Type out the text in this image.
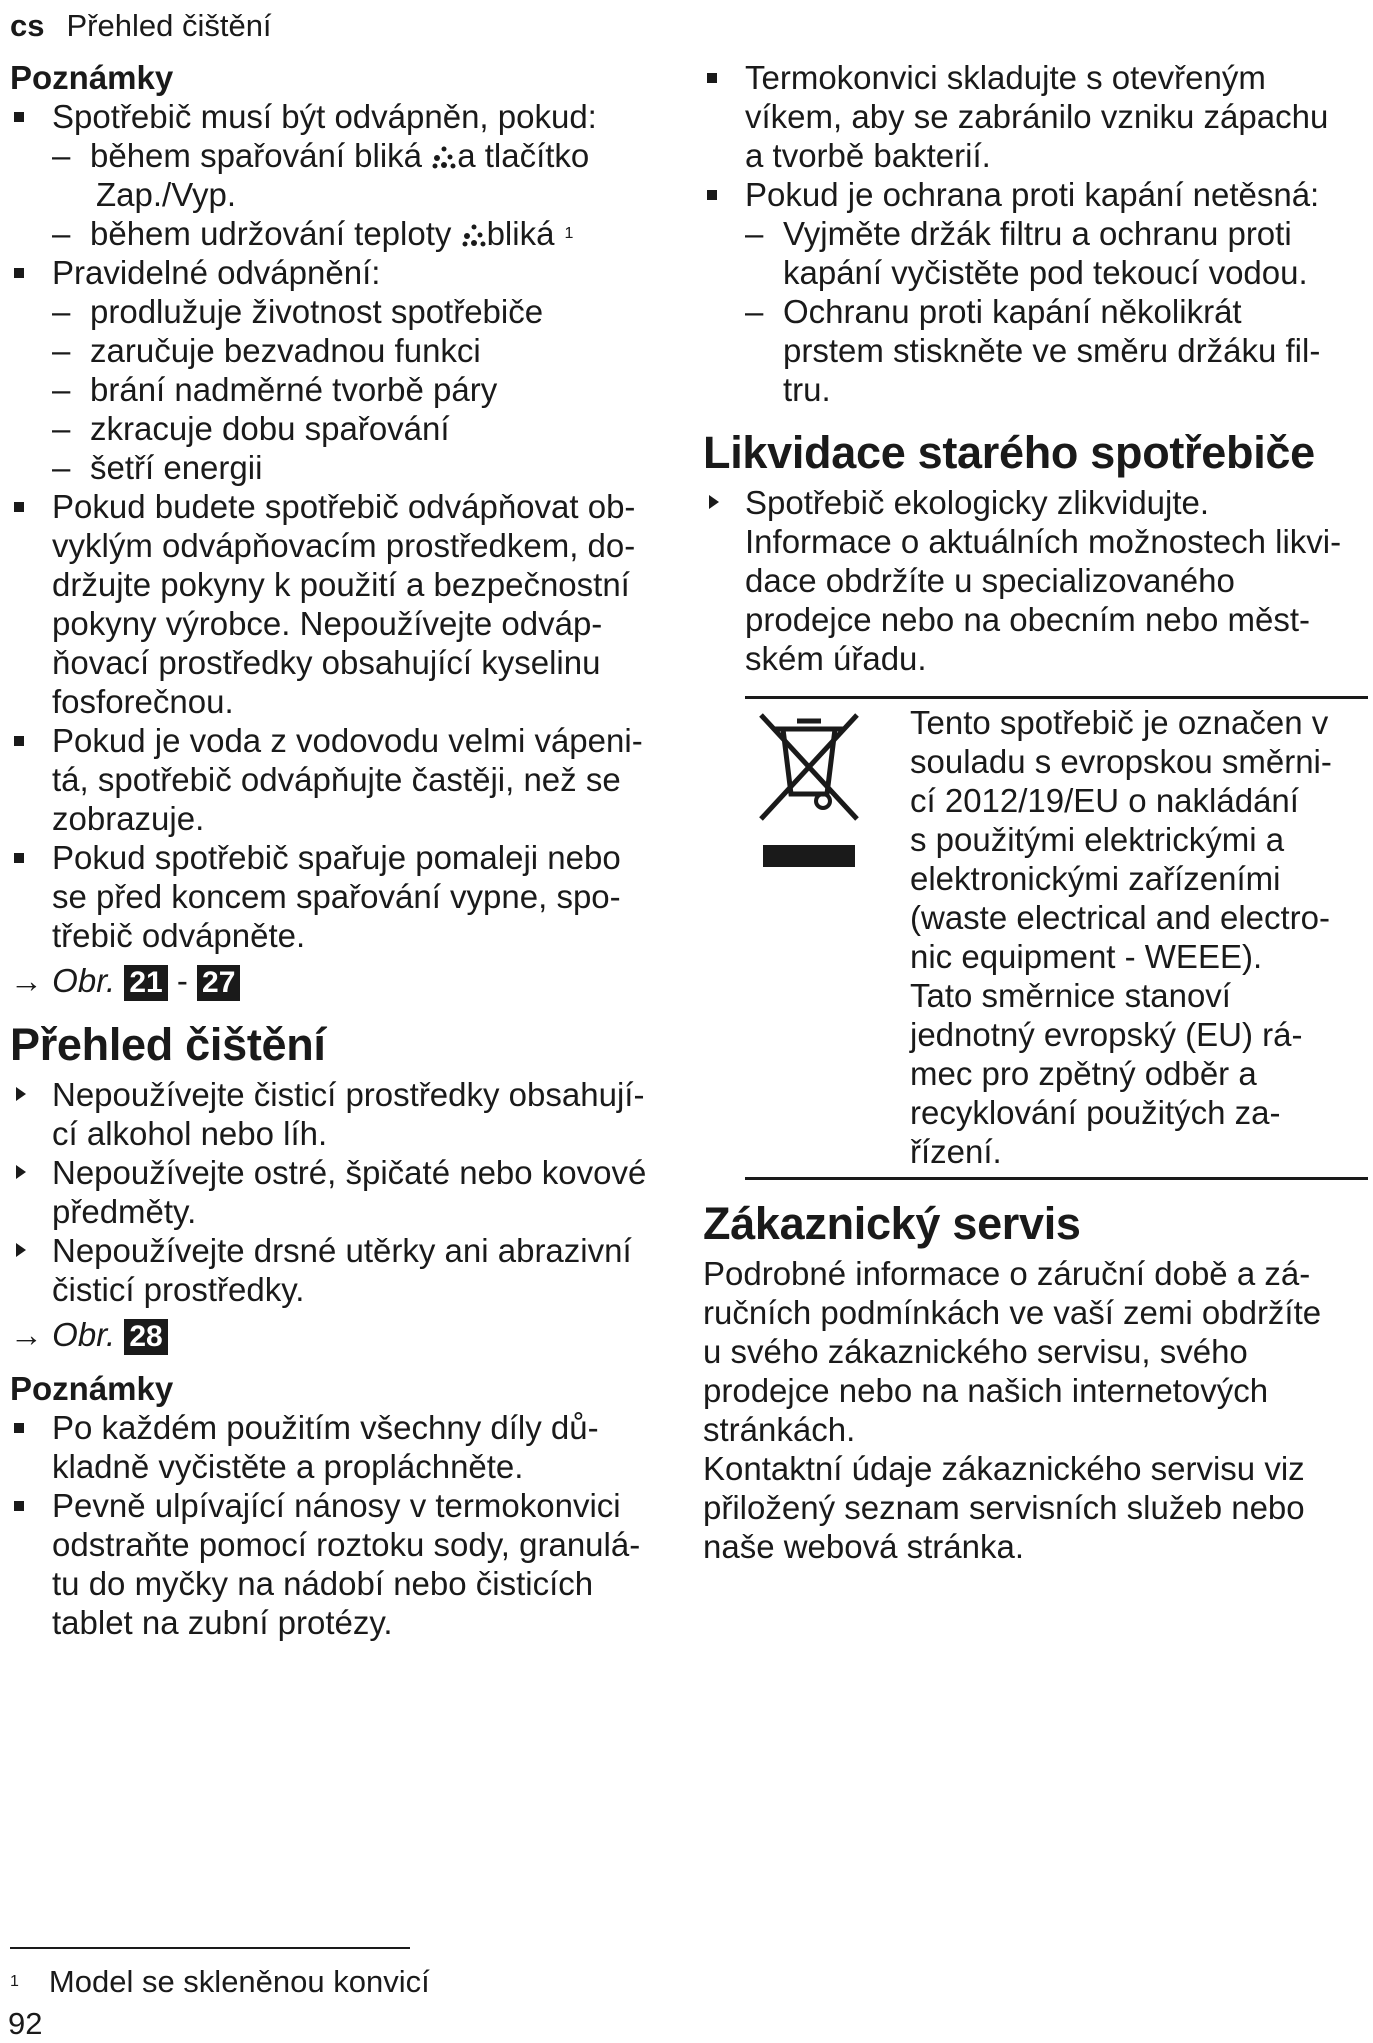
cs Přehled čištění
Poznámky
Spotřebič musí být odvápněn, pokud:
– během spařování bliká a tlačítko
Zap./Vyp.
– během udržování teploty bliká $^1$
Pravidelné odvápnění:
– prodlužuje životnost spotřebiče
– zaručuje bezvadnou funkci
– brání nadměrné tvorbě páry
– zkracuje dobu spařování
– šetří energii
Pokud budete spotřebič odvápňovat ob-
vyklým odvápňovacím prostředkem, do-
držujte pokyny k použití a bezpečnostní
pokyny výrobce. Nepoužívejte odváp-
ňovací prostředky obsahující kyselinu
fosforečnou.
Pokud je voda z vodovodu velmi vápeni-
tá, spotřebič odvápňujte častěji, než se
zobrazuje.
Pokud spotřebič spařuje pomaleji nebo
se před koncem spařování vypne, spo-
třebič odvápněte.
→ Obr. 21 - 27
Přehled čištění
Nepoužívejte čisticí prostředky obsahují-
cí alkohol nebo líh.
Nepoužívejte ostré, špičaté nebo kovové
předměty.
Nepoužívejte drsné utěrky ani abrazivní
čisticí prostředky.
→ Obr. 28
Poznámky
Po každém použitím všechny díly dů-
kladně vyčistěte a propláchněte.
Pevně ulpívající nánosy v termokonvici
odstraňte pomocí roztoku sody, granulá-
tu do myčky na nádobí nebo čisticích
tablet na zubní protézy.
Termokonvici skladujte s otevřeným
víkem, aby se zabránilo vzniku zápachu
a tvorbě bakterií.
Pokud je ochrana proti kapání netěsná:
– Vyjměte držák filtru a ochranu proti
kapání vyčistěte pod tekoucí vodou.
– Ochranu proti kapání několikrát
prstem stiskněte ve směru držáku fil-
tru.
Likvidace starého spotřebiče
Spotřebič ekologicky zlikvidujte.
Informace o aktuálních možnostech likvi-
dace obdržíte u specializovaného
prodejce nebo na obecním nebo měst-
ském úřadu.
Tento spotřebič je označen v
souladu s evropskou směrni-
cí 2012/19/EU o nakládání
s použitými elektrickými a
elektronickými zařízeními
(waste electrical and electro-
nic equipment - WEEE).
Tato směrnice stanoví
jednotný evropský (EU) rá-
mec pro zpětný odběr a
recyklování použitých za-
řízení.
Zákaznický servis
Podrobné informace o záruční době a zá-
ručních podmínkách ve vaší zemi obdržíte
u svého zákaznického servisu, svého
prodejce nebo na našich internetových
stránkách.
Kontaktní údaje zákaznického servisu viz
přiložený seznam servisních služeb nebo
naše webová stránka.
$^1$ Model se skleněnou konvicí
92
